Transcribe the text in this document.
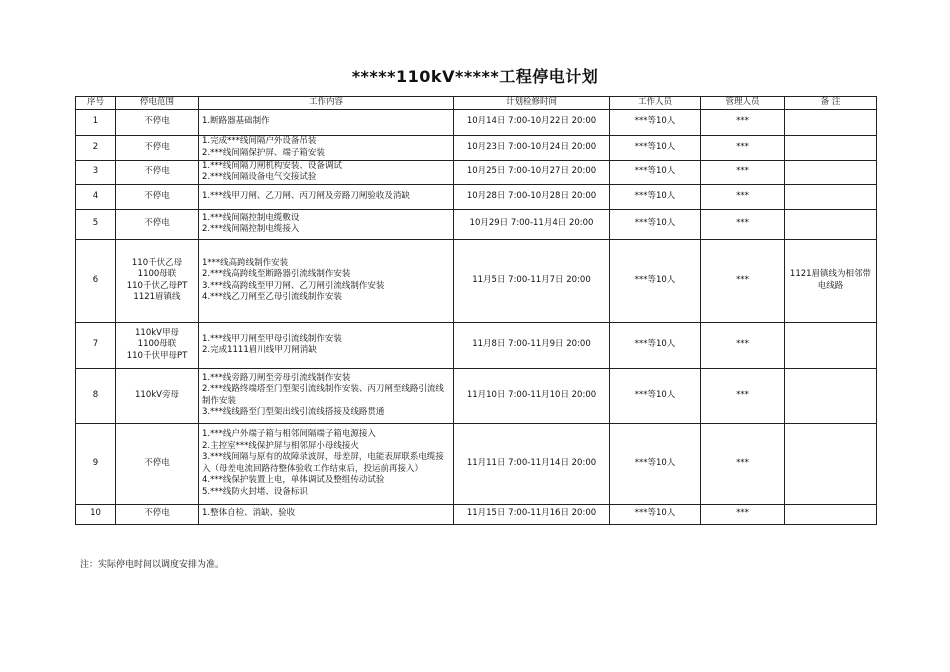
*****110kV*****工程停电计划
序号	停电范围	工作内容	计划检修时间	工作人员	管理人员	备 注
1	不停电	1.断路器基础制作	10月14日 7:00-10月22日 20:00	***等10人	***	
2	不停电	1.完成***线间隔户外设备吊装
2.***线间隔保护屏、端子箱安装	10月23日 7:00-10月24日 20:00	***等10人	***	
3	不停电	1.***线间隔刀闸机构安装、设备调试
2.***线间隔设备电气交接试验	10月25日 7:00-10月27日 20:00	***等10人	***	
4	不停电	1.***线甲刀闸、乙刀闸、丙刀闸及旁路刀闸验收及消缺	10月28日 7:00-10月28日 20:00	***等10人	***	
5	不停电	1.***线间隔控制电缆敷设
2.***线间隔控制电缆接入	10月29日 7:00-11月4日 20:00	***等10人	***	
6	110千伏乙母
1100母联
110千伏乙母PT
1121眉镇线	1***线高跨线制作安装
2.***线高跨线至断路器引流线制作安装
3.***线高跨线至甲刀闸、乙刀闸引流线制作安装
4.***线乙刀闸至乙母引流线制作安装	11月5日 7:00-11月7日 20:00	***等10人	***	1121眉镇线为相邻带电线路
7	110kV甲母
1100母联
110千伏甲母PT	1.***线甲刀闸至甲母引流线制作安装
2.完成1111眉川线甲刀闸消缺	11月8日 7:00-11月9日 20:00	***等10人	***	
8	110kV旁母	1.***线旁路刀闸至旁母引流线制作安装
2.***线路终端塔至门型架引流线制作安装、丙刀闸至线路引流线制作安装
3.***线线路至门型架出线引流线搭接及线路贯通	11月10日 7:00-11月10日 20:00	***等10人	***	
9	不停电	1.***线户外端子箱与相邻间隔端子箱电源接入
2.主控室***线保护屏与相邻屏小母线接火
3.***线间隔与原有的故障录波屏，母差屏，电能表屏联系电缆接入（母差电流回路待整体验收工作结束后，投运前再接入）
4.***线保护装置上电，单体调试及整组传动试验
5.***线防火封堵、设备标识	11月11日 7:00-11月14日 20:00	***等10人	***	
10	不停电	1.整体自检、消缺、验收	11月15日 7:00-11月16日 20:00	***等10人	***	
注：实际停电时间以调度安排为准。
